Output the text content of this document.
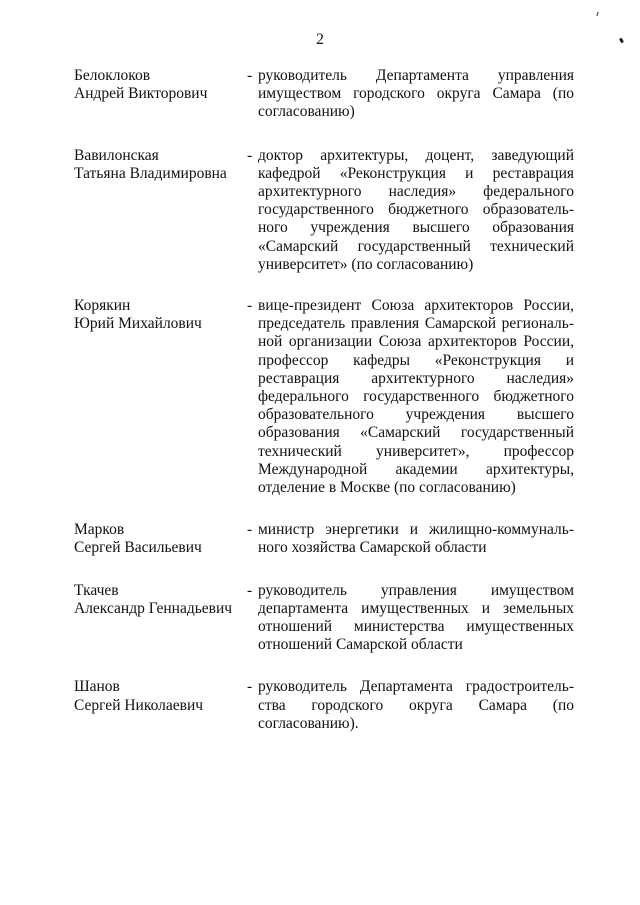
2
Белоклоков
Андрей Викторович
- руководитель Департамента управления
имуществом городского округа Самара (по
согласованию)
Вавилонская
Татьяна Владимировна
- доктор архитектуры, доцент, заведующий
кафедрой «Реконструкция и реставрация
архитектурного наследия» федерального
государственного бюджетного образователь-
ного учреждения высшего образования
«Самарский государственный технический
университет» (по согласованию)
Корякин
Юрий Михайлович
- вице-президент Союза архитекторов России,
председатель правления Самарской региональ-
ной организации Союза архитекторов России,
профессор кафедры «Реконструкция и
реставрация архитектурного наследия»
федерального государственного бюджетного
образовательного учреждения высшего
образования «Самарский государственный
технический университет», профессор
Международной академии архитектуры,
отделение в Москве (по согласованию)
Марков
Сергей Васильевич
- министр энергетики и жилищно-коммуналь-
ного хозяйства Самарской области
Ткачев
Александр Геннадьевич
- руководитель управления имуществом
департамента имущественных и земельных
отношений министерства имущественных
отношений Самарской области
Шанов
Сергей Николаевич
- руководитель Департамента градостроитель-
ства городского округа Самара (по
согласованию).
